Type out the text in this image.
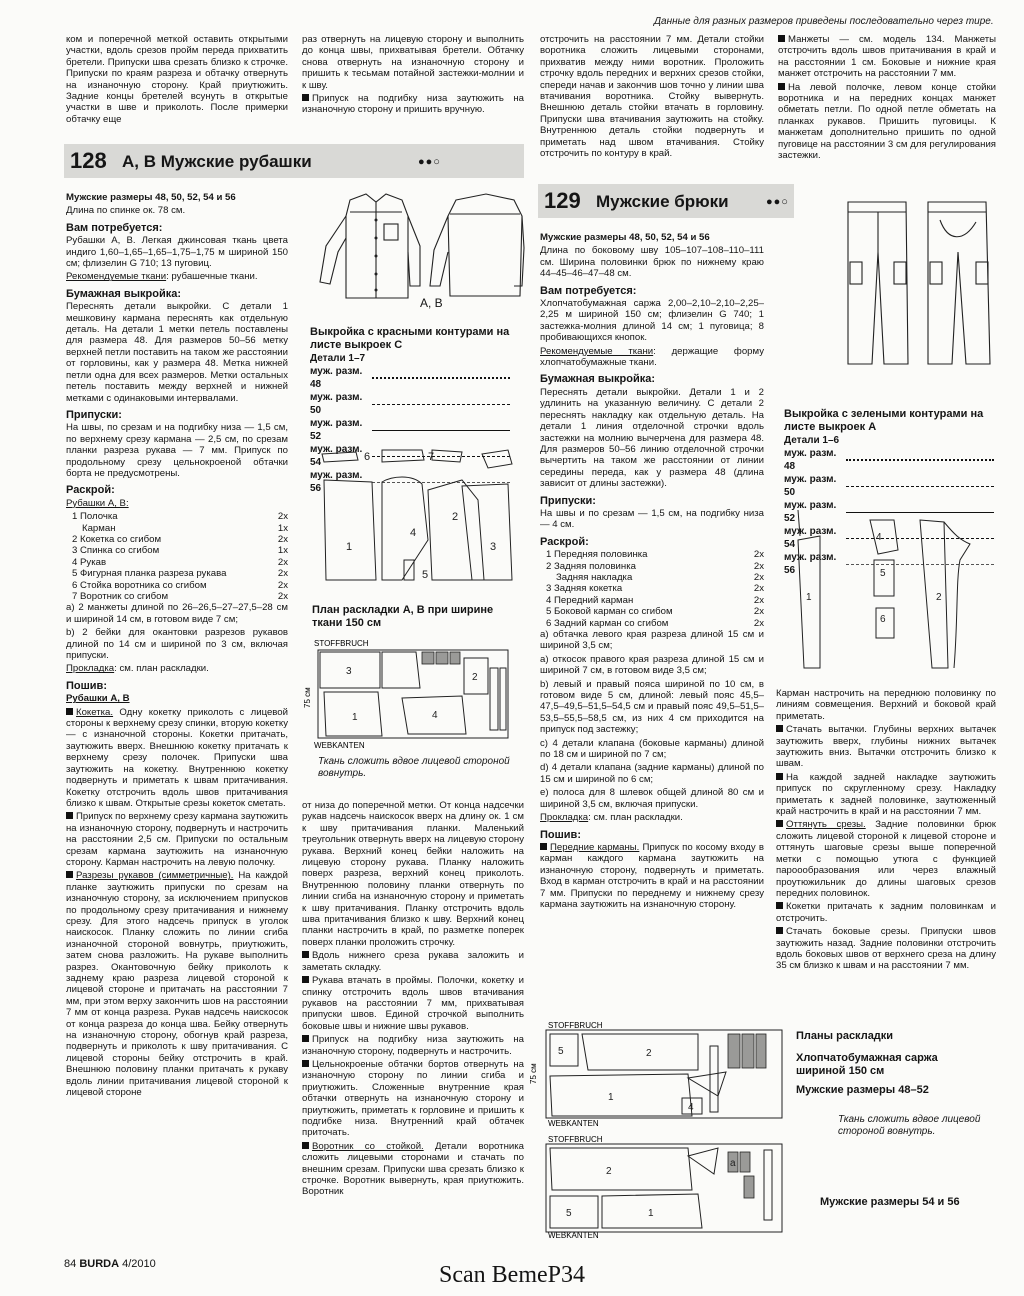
Данные для разных размеров приведены последовательно через тире.

ком и поперечной меткой оставить открытыми участки, вдоль срезов пройм переда прихватить бретели. Припуски шва срезать близко к строчке. Припуски по краям разреза и обтачку отвернуть на изнаночную сторону. Край приутюжить. Задние концы бретелей всунуть в открытые участки в шве и приколоть. После примерки обтачку еще

раз отвернуть на лицевую сторону и выполнить до конца швы, прихватывая бретели. Обтачку снова отвернуть на изнаночную сторону и пришить к тесьмам потайной застежки-молнии и к шву.

Припуск на подгибку низа заутюжить на изнаночную сторону и пришить вручную.

отстрочить на расстоянии 7 мм. Детали стойки воротника сложить лицевыми сторонами, прихватив между ними воротник. Проложить строчку вдоль передних и верхних срезов стойки, спереди начав и закончив шов точно у линии шва втачивания воротника. Стойку вывернуть. Внешнюю деталь стойки втачать в горловину. Припуски шва втачивания заутюжить на стойку. Внутреннюю деталь стойки подвернуть и приметать над швом втачивания. Стойку отстрочить по контуру в край.

Манжеты — см. модель 134. Манжеты отстрочить вдоль швов притачивания в край и на расстоянии 1 см. Боковые и нижние края манжет отстрочить на расстоянии 7 мм.

На левой полочке, левом конце стойки воротника и на передних концах манжет обметать петли. По одной петле обметать на планках рукавов. Пришить пуговицы. К манжетам дополнительно пришить по одной пуговице на расстоянии 3 см для регулирования застежки.

128 А, В Мужские рубашки	●●○
129 Мужские брюки	●●○

Мужские размеры 48, 50, 52, 54 и 56

Длина по спинке ок. 78 см.

Вам потребуется:

Рубашки А, В. Легкая джинсовая ткань цвета индиго 1,60–1,65–1,65–1,75–1,75 м шириной 150 см; флизелин G 710; 13 пуговиц.

Рекомендуемые ткани: рубашечные ткани.

Бумажная выкройка:

Переснять детали выкройки. С детали 1 мешковину кармана переснять как отдельную деталь. На детали 1 метки петель поставлены для размера 48. Для размеров 50–56 метку верхней петли поставить на таком же расстоянии от горловины, как у размера 48. Метка нижней петли одна для всех размеров. Метки остальных петель поставить между верхней и нижней метками с одинаковыми интервалами.

Припуски:

На швы, по срезам и на подгибку низа — 1,5 см, по верхнему срезу кармана — 2,5 см, по срезам планки разреза рукава — 7 мм. Припуск по продольному срезу цельнокроеной обтачки борта не предусмотрены.

Раскрой:

Рубашки А, В:

1 Полочка	2x
Карман	1x
2 Кокетка со сгибом	2x
3 Спинка со сгибом	1x
4 Рукав	2x
5 Фигурная планка разреза рукава	2x
6 Стойка воротника со сгибом	2x
7 Воротник со сгибом	2x

a) 2 манжеты длиной по 26–26,5–27–27,5–28 см и шириной 14 см, в готовом виде 7 см;

b) 2 бейки для окантовки разрезов рукавов длиной по 14 см и шириной по 3 см, включая припуски.

Прокладка: см. план раскладки.

Пошив:

Рубашки А, В

Кокетка. Одну кокетку приколоть с лицевой стороны к верхнему срезу спинки, вторую кокетку — с изнаночной стороны. Кокетки притачать, заутюжить вверх. Внешнюю кокетку притачать к верхнему срезу полочек. Припуски шва заутюжить на кокетку. Внутреннюю кокетку подвернуть и приметать к швам притачивания. Кокетку отстрочить вдоль швов притачивания близко к швам. Открытые срезы кокеток сметать.

Припуск по верхнему срезу кармана заутюжить на изнаночную сторону, подвернуть и настрочить на расстоянии 2,5 см. Припуски по остальным срезам кармана заутюжить на изнаночную сторону. Карман настрочить на левую полочку.

Разрезы рукавов (симметричные). На каждой планке заутюжить припуски по срезам на изнаночную сторону, за исключением припусков по продольному срезу притачивания и нижнему срезу. Для этого надсечь припуск в уголок наискосок. Планку сложить по линии сгиба изнаночной стороной вовнутрь, приутюжить, затем снова разложить. На рукаве выполнить разрез. Окантовочную бейку приколоть к заднему краю разреза лицевой стороной к лицевой стороне и притачать на расстоянии 7 мм, при этом верху закончить шов на расстоянии 7 мм от конца разреза. Рукав надсечь наискосок от конца разреза до конца шва. Бейку отвернуть на изнаночную сторону, обогнув край разреза, подвернуть и приколоть к шву притачивания. С лицевой стороны бейку отстрочить в край. Внешнюю половину планки притачать к рукаву вдоль линии притачивания лицевой стороной к лицевой стороне

А, В
Выкройка с красными контурами на листе выкроек С
Детали 1–7
муж. разм. 48
муж. разм. 50
муж. разм. 52
муж. разм. 54
муж. разм. 56
6	7
1
4
2
3
5
План раскладки А, В при ширине ткани 150 см
STOFFBRUCH
WEBKANTEN
75 см
3
1	4
2
Ткань сложить вдвое лицевой стороной вовнутрь.

от низа до поперечной метки. От конца надсечки рукав надсечь наискосок вверх на длину ок. 1 см к шву притачивания планки. Маленький треугольник отвернуть вверх на лицевую сторону рукава. Верхний конец бейки наложить на лицевую сторону рукава. Планку наложить поверх разреза, верхний конец приколоть. Внутреннюю половину планки отвернуть по линии сгиба на изнаночную сторону и приметать к шву притачивания. Планку отстрочить вдоль шва притачивания близко к шву. Верхний конец планки настрочить в край, по разметке поперек поверх планки проложить строчку.

Вдоль нижнего среза рукава заложить и заметать складку.

Рукава втачать в проймы. Полочки, кокетку и спинку отстрочить вдоль швов втачивания рукавов на расстоянии 7 мм, прихватывая припуски швов. Единой строчкой выполнить боковые швы и нижние швы рукавов.

Припуск на подгибку низа заутюжить на изнаночную сторону, подвернуть и настрочить.

Цельнокроеные обтачки бортов отвернуть на изнаночную сторону по линии сгиба и приутюжить. Сложенные внутренние края обтачки отвернуть на изнаночную сторону и приутюжить, приметать к горловине и пришить к подгибке низа. Внутренний край обтачек приточать.

Воротник со стойкой. Детали воротника сложить лицевыми сторонами и стачать по внешним срезам. Припуски шва срезать близко к строчке. Воротник вывернуть, края приутюжить. Воротник

Мужские размеры 48, 50, 52, 54 и 56

Длина по боковому шву 105–107–108–110–111 см. Ширина половинки брюк по нижнему краю 44–45–46–47–48 см.

Вам потребуется:

Хлопчатобумажная саржа 2,00–2,10–2,10–2,25–2,25 м шириной 150 см; флизелин G 740; 1 застежка-молния длиной 14 см; 1 пуговица; 8 пробивающихся кнопок.

Рекомендуемые ткани: держащие форму хлопчатобумажные ткани.

Бумажная выкройка:

Переснять детали выкройки. Детали 1 и 2 удлинить на указанную величину. С детали 2 переснять накладку как отдельную деталь. На детали 1 линия отделочной строчки вдоль застежки на молнию вычерчена для размера 48. Для размеров 50–56 линию отделочной строчки вычертить на таком же расстоянии от линии середины переда, как у размера 48 (длина зависит от длины застежки).

Припуски:

На швы и по срезам — 1,5 см, на подгибку низа — 4 см.

Раскрой:
1 Передняя половинка	2x
2 Задняя половинка	2x
Задняя накладка	2x
3 Задняя кокетка	2x
4 Передний карман	2x
5 Боковой карман со сгибом	2x
6 Задний карман со сгибом	2x

a) обтачка левого края разреза длиной 15 см и шириной 3,5 см;

a) откосок правого края разреза длиной 15 см и шириной 7 см, в готовом виде 3,5 см;

b) левый и правый пояса шириной по 10 см, в готовом виде 5 см, длиной: левый пояс 45,5–47,5–49,5–51,5–54,5 см и правый пояс 49,5–51,5–53,5–55,5–58,5 см, из них 4 см приходится на припуск под застежку;

c) 4 детали клапана (боковые карманы) длиной по 18 см и шириной по 7 см;

d) 4 детали клапана (задние карманы) длиной по 15 см и шириной по 6 см;

e) полоса для 8 шлевок общей длиной 80 см и шириной 3,5 см, включая припуски.

Прокладка: см. план раскладки.

Пошив:

Передние карманы. Припуск по косому входу в карман каждого кармана заутюжить на изнаночную сторону, подвернуть и приметать. Вход в карман отстрочить в край и на расстоянии 7 мм. Припуски по переднему и нижнему срезу кармана заутюжить на изнаночную сторону.

Выкройка с зелеными контурами на листе выкроек А
Детали 1–6
муж. разм. 48
муж. разм. 50
муж. разм. 52
муж. разм. 54
муж. разм. 56
1
4
5
6
2

Карман настрочить на переднюю половинку по линиям совмещения. Верхний и боковой край приметать.

Стачать вытачки. Глубины верхних вытачек заутюжить вверх, глубины нижних вытачек заутюжить вниз. Вытачки отстрочить близко к швам.

На каждой задней накладке заутюжить припуск по скругленному срезу. Накладку приметать к задней половинке, заутюженный край настрочить в край и на расстоянии 7 мм.

Оттянуть срезы. Задние половинки брюк сложить лицевой стороной к лицевой стороне и оттянуть шаговые срезы выше поперечной метки с помощью утюга с функцией пароообразования или через влажный проутюжильник до длины шаговых срезов передних половинок.

Кокетки притачать к задним половинкам и отстрочить.

Стачать боковые срезы. Припуски швов заутюжить назад. Задние половинки отстрочить вдоль боковых швов от верхнего среза на длину 35 см близко к швам и на расстоянии 7 мм.

STOFFBRUCH
WEBKANTEN
STOFFBRUCH
WEBKANTEN
75 см
5	2
1
4
2
5	1
a
Планы раскладки
Хлопчатобумажная саржа шириной 150 см
Мужские размеры 48–52
Ткань сложить вдвое лицевой стороной вовнутрь.
Мужские размеры 54 и 56
84 BURDA 4/2010	Scan BemeP34
